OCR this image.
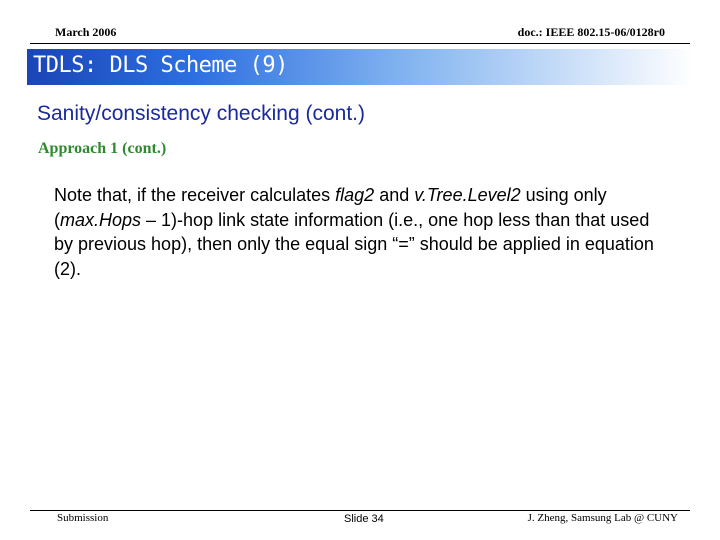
March 2006	doc.: IEEE 802.15-06/0128r0
TDLS: DLS Scheme (9)
Sanity/consistency checking (cont.)
Approach 1 (cont.)
Note that, if the receiver calculates flag2 and v.Tree.Level2 using only (max.Hops – 1)-hop link state information (i.e., one hop less than that used by previous hop), then only the equal sign “=” should be applied in equation (2).
Submission	Slide 34	J. Zheng, Samsung Lab @ CUNY
